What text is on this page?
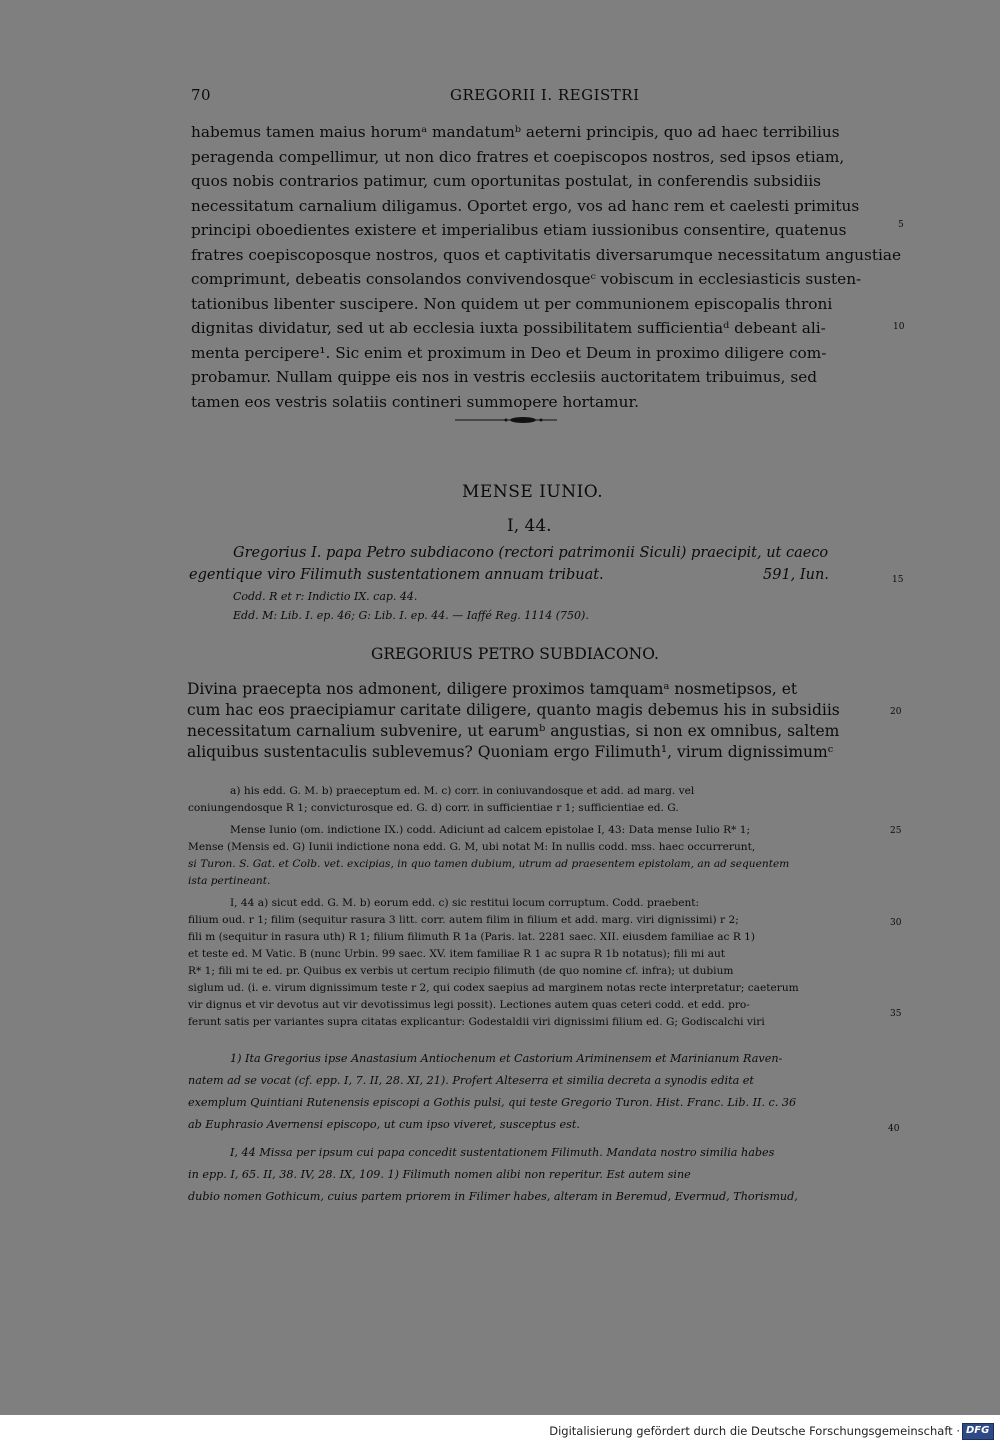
70	GREGORII I. REGISTRI
habemus tamen maius horumᵃ mandatumᵇ aeterni principis, quo ad haec terribilius
peragenda compellimur, ut non dico fratres et coepiscopos nostros, sed ipsos etiam,
quos nobis contrarios patimur, cum oportunitas postulat, in conferendis subsidiis
necessitatum carnalium diligamus. Oportet ergo, vos ad hanc rem et caelesti primitus
principi oboedientes existere et imperialibus etiam iussionibus consentire, quatenus
fratres coepiscoposque nostros, quos et captivitatis diversarumque necessitatum angustiae
comprimunt, debeatis consolandos convivendosqueᶜ vobiscum in ecclesiasticis susten-
tationibus libenter suscipere. Non quidem ut per communionem episcopalis throni
dignitas dividatur, sed ut ab ecclesia iuxta possibilitatem sufficientiaᵈ debeant ali-
menta percipere¹. Sic enim et proximum in Deo et Deum in proximo diligere com-
probamur. Nullam quippe eis nos in vestris ecclesiis auctoritatem tribuimus, sed
tamen eos vestris solatiis contineri summopere hortamur.
5
10
MENSE IUNIO.
I, 44.
Gregorius I. papa Petro subdiacono (rectori patrimonii Siculi) praecipit, ut caeco
egentique viro Filimuth sustentationem annuam tribuat.	591, Iun.	15
Codd. R et r: Indictio IX. cap. 44.
Edd. M: Lib. I. ep. 46; G: Lib. I. ep. 44. — Iaffé Reg. 1114 (750).
GREGORIUS PETRO SUBDIACONO.
Divina praecepta nos admonent, diligere proximos tamquamᵃ nosmetipsos, et
cum hac eos praecipiamur caritate diligere, quanto magis debemus his in subsidiis
necessitatum carnalium subvenire, ut earumᵇ angustias, si non ex omnibus, saltem
aliquibus sustentaculis sublevemus? Quoniam ergo Filimuth¹, virum dignissimumᶜ
20
a) his edd. G. M. b) praeceptum ed. M. c) corr. in coniuvandosque et add. ad marg. vel
coniungendosque R 1; convicturosque ed. G. d) corr. in sufficientiae r 1; sufficientiae ed. G.
Mense Iunio (om. indictione IX.) codd. Adiciunt ad calcem epistolae I, 43: Data mense Iulio R* 1;
Mense (Mensis ed. G) Iunii indictione nona edd. G. M, ubi notat M: In nullis codd. mss. haec occurrerunt,
si Turon. S. Gat. et Colb. vet. excipias, in quo tamen dubium, utrum ad praesentem epistolam, an ad sequentem
ista pertineant.
I, 44 a) sicut edd. G. M. b) eorum edd. c) sic restitui locum corruptum. Codd. praebent:
filium oud. r 1; filim (sequitur rasura 3 litt. corr. autem filim in filium et add. marg. viri dignissimi) r 2;
fili m (sequitur in rasura uth) R 1; filium filimuth R 1a (Paris. lat. 2281 saec. XII. eiusdem familiae ac R 1)
et teste ed. M Vatic. B (nunc Urbin. 99 saec. XV. item familiae R 1 ac supra R 1b notatus); fili mi aut
R* 1; fili mi te ed. pr. Quibus ex verbis ut certum recipio filimuth (de quo nomine cf. infra); ut dubium
siglum ud. (i. e. virum dignissimum teste r 2, qui codex saepius ad marginem notas recte interpretatur; caeterum
vir dignus et vir devotus aut vir devotissimus legi possit). Lectiones autem quas ceteri codd. et edd. pro-
ferunt satis per variantes supra citatas explicantur: Godestaldii viri dignissimi filium ed. G; Godiscalchi viri
25
30
35
1) Ita Gregorius ipse Anastasium Antiochenum et Castorium Ariminensem et Marinianum Raven-
natem ad se vocat (cf. epp. I, 7. II, 28. XI, 21). Profert Alteserra et similia decreta a synodis edita et
exemplum Quintiani Rutenensis episcopi a Gothis pulsi, qui teste Gregorio Turon. Hist. Franc. Lib. II. c. 36
ab Euphrasio Avernensi episcopo, ut cum ipso viveret, susceptus est.	40
I, 44 Missa per ipsum cui papa concedit sustentationem Filimuth. Mandata nostro similia habes
in epp. I, 65. II, 38. IV, 28. IX, 109. 1) Filimuth nomen alibi non reperitur. Est autem sine
dubio nomen Gothicum, cuius partem priorem in Filimer habes, alteram in Beremud, Evermud, Thorismud,
Digitalisierung gefördert durch die Deutsche Forschungsgemeinschaft · DFG
